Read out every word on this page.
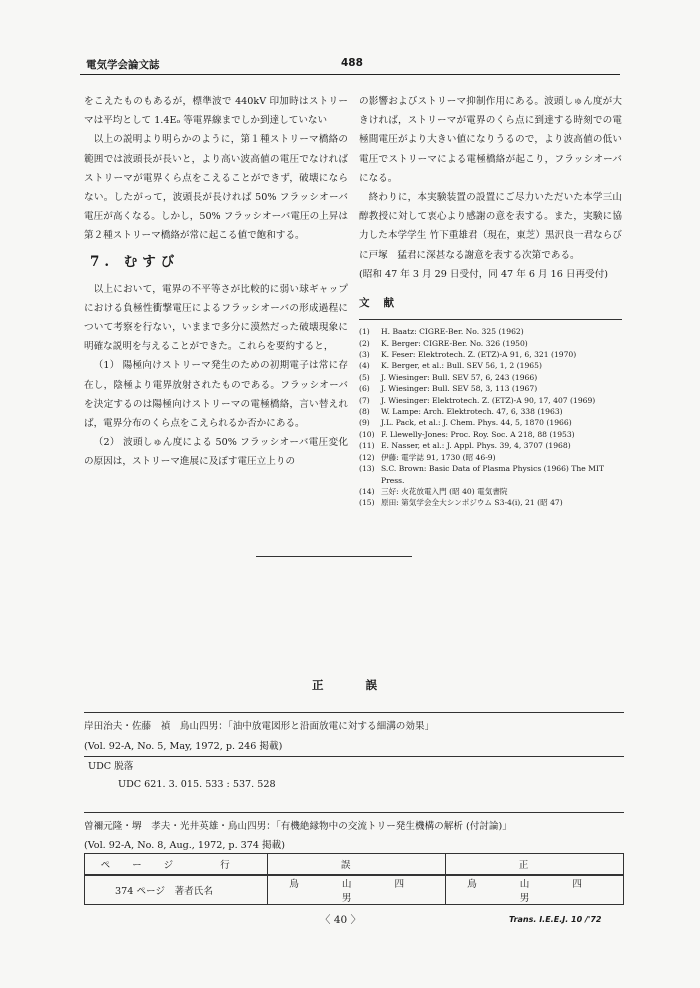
電気学会論文誌	488

をこえたものもあるが，標準波で 440kV 印加時はストリーマは平均として 1.4Eₒ 等電界線までしか到達していない

以上の説明より明らかのように，第１種ストリーマ橋絡の範囲では波頭長が長いと，より高い波高値の電圧でなければストリーマが電界くら点をこえることができず，破壊にならない。したがって，波頭長が長ければ 50% フラッシオーバ電圧が高くなる。しかし，50% フラッシオーバ電圧の上昇は第２種ストリーマ橋絡が常に起こる値で飽和する。

7. むすび

以上において，電界の不平等さが比較的に弱い球ギャップにおける負極性衝撃電圧によるフラッシオーバの形成過程について考察を行ない，いままで多分に漠然だった破壊現象に明確な説明を与えることができた。これらを要約すると，

（1） 陽極向けストリーマ発生のための初期電子は常に存在し，陰極より電界放射されたものである。フラッシオーバを決定するのは陽極向けストリーマの電極橋絡，言い替えれば，電界分布のくら点をこえられるか否かにある。

（2） 波頭しゅん度による 50% フラッシオーバ電圧変化の原因は，ストリーマ進展に及ぼす電圧立上りの

の影響およびストリーマ抑制作用にある。波頭しゅん度が大きければ，ストリーマが電界のくら点に到達する時刻での電極間電圧がより大きい値になりうるので，より波高値の低い電圧でストリーマによる電極橋絡が起こり，フラッシオーバになる。

終わりに，本実験装置の設置にご尽力いただいた本学三山　醇教授に対して衷心より感謝の意を表する。また，実験に協力した本学学生 竹下重雄君（現在，東芝）黒沢良一君ならびに戸塚　猛君に深甚なる謝意を表する次第である。

(昭和 47 年 3 月 29 日受付，同 47 年 6 月 16 日再受付)

文献

(1) H. Baatz: CIGRE-Ber. No. 325 (1962)
(2) K. Berger: CIGRE-Ber. No. 326 (1950)
(3) K. Feser: Elektrotech. Z. (ETZ)-A 91, 6, 321 (1970)
(4) K. Berger, et al.: Bull. SEV 56, 1, 2 (1965)
(5) J. Wiesinger: Bull. SEV 57, 6, 243 (1966)
(6) J. Wiesinger: Bull. SEV 58, 3, 113 (1967)
(7) J. Wiesinger: Elektrotech. Z. (ETZ)-A 90, 17, 407 (1969)
(8) W. Lampe: Arch. Elektrotech. 47, 6, 338 (1963)
(9) J.L. Pack, et al.: J. Chem. Phys. 44, 5, 1870 (1966)
(10) F. Llewelly-Jones: Proc. Roy. Soc. A 218, 88 (1953)
(11) E. Nasser, et al.: J. Appl. Phys. 39, 4, 3707 (1968)
(12) 伊藤: 電学誌 91, 1730 (昭 46-9)
(13) S.C. Brown: Basic Data of Plasma Physics (1966) The MIT Press.
(14) 三好: 火花放電入門 (昭 40) 電気書院
(15) 原田: 第気学会全大シンポジウム S3-4(i), 21 (昭 47)
正誤
岸田治夫・佐藤　禎　鳥山四男：「油中放電図形と沿面放電に対する細溝の効果」
(Vol. 92-A, No. 5, May, 1972, p. 246 掲載)
UDC 脱落
UDC 621. 3. 015. 533 : 537. 528
曽禰元隆・堺　孝夫・光井英雄・鳥山四男：「有機絶縁物中の交流トリー発生機構の解析 (付討論)」
(Vol. 92-A, No. 8, Aug., 1972, p. 374 掲載)
ページ 行	誤	正
374 ページ　著者氏名	鳥 山 四 男	鳥 山 四 男
〈 40 〉	Trans. I.E.E.J. 10 /'72
